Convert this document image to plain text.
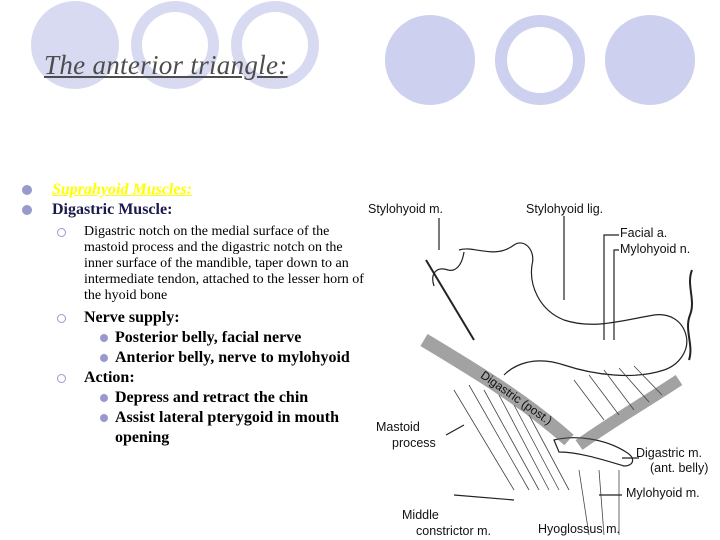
The anterior triangle:
Suprahyoid Muscles:
Digastric Muscle:
Digastric notch on the medial surface of the mastoid process and the digastric notch on the inner surface of the mandible, taper down to an intermediate tendon, attached to the lesser horn of the hyoid bone
Nerve supply:
Posterior belly, facial nerve
Anterior belly, nerve to mylohyoid
Action:
Depress and retract the chin
Assist lateral pterygoid in mouth opening
Stylohyoid m.	Stylohyoid lig.
Facial a.
Mylohyoid n.
Digastric (post.)
Mastoid
process
Digastric m.
(ant. belly)
Mylohyoid m.
Middle
constrictor m.	Hyoglossus m.
